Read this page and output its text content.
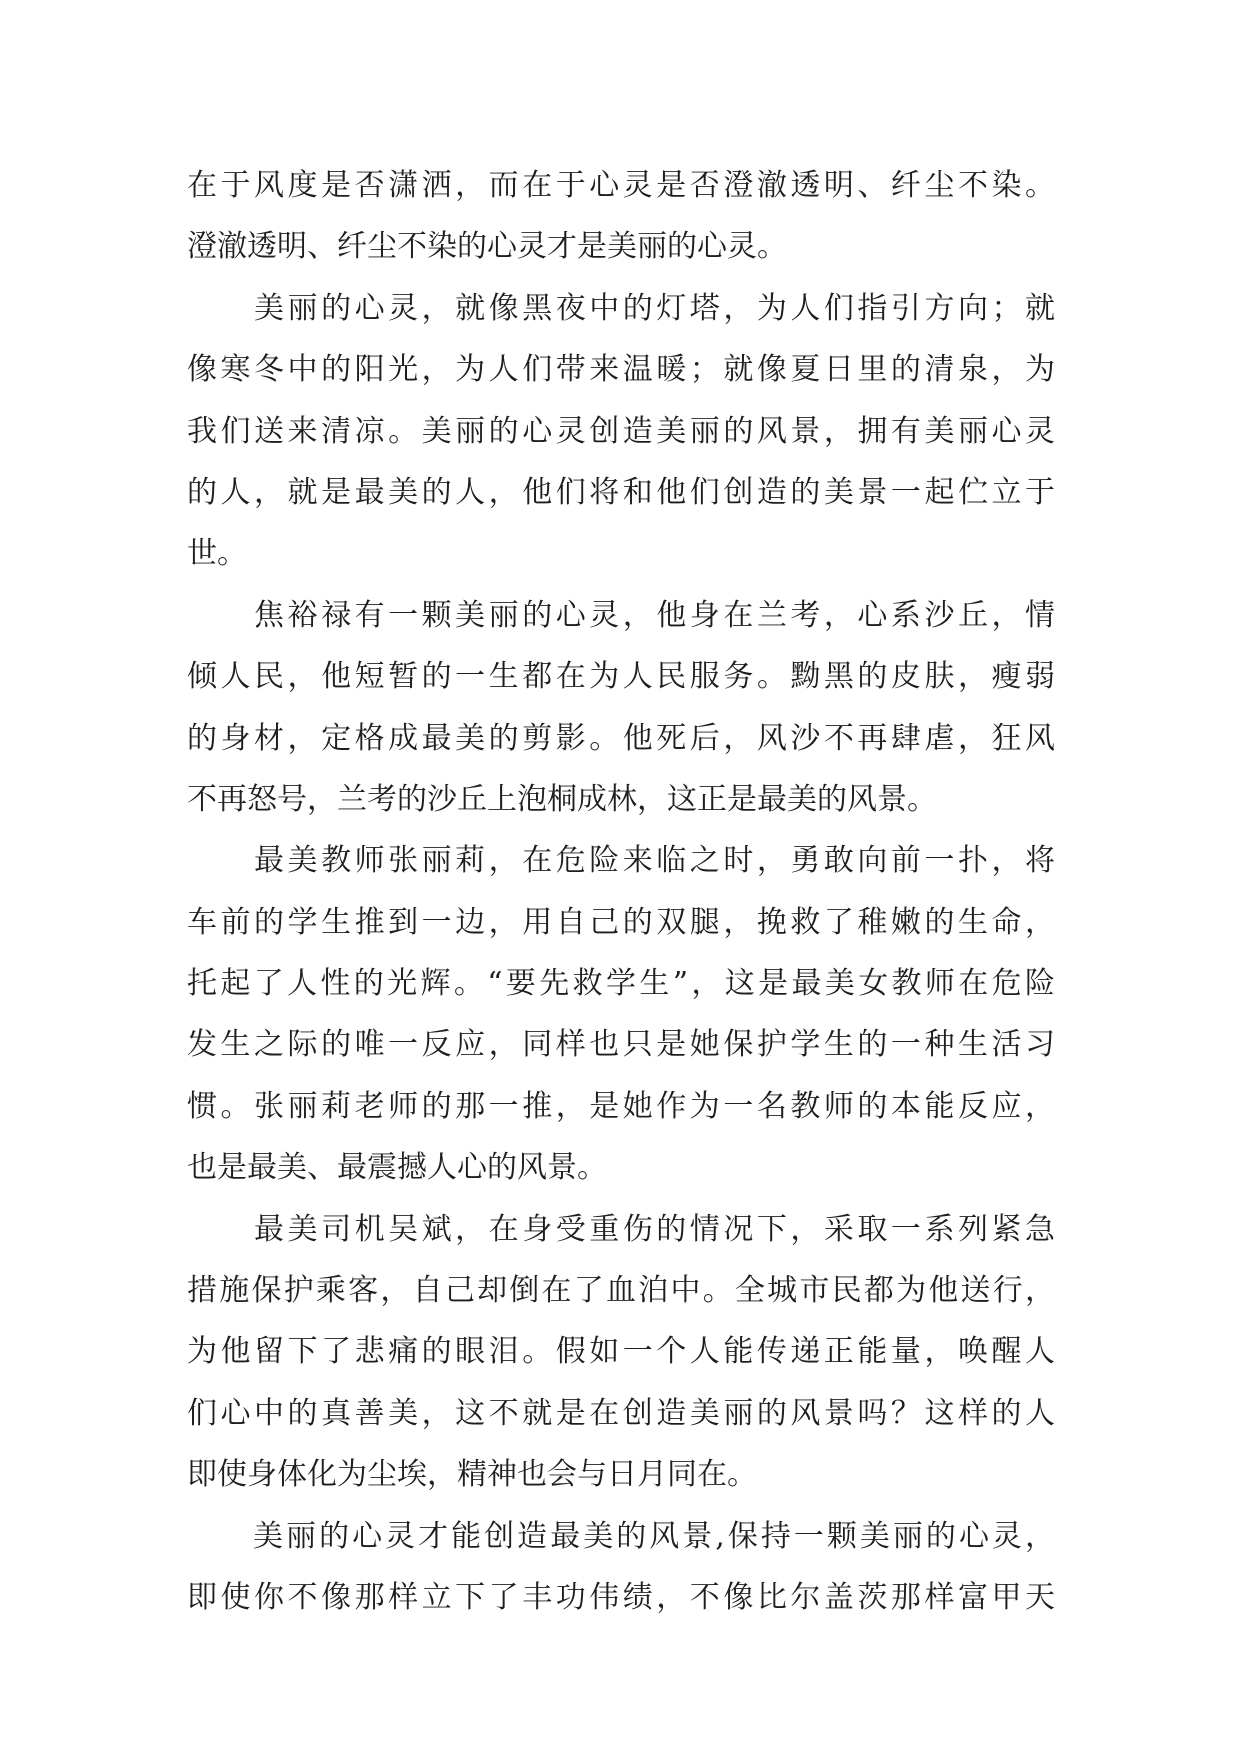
在于风度是否潇洒，而在于心灵是否澄澈透明、纤尘不染。
澄澈透明、纤尘不染的心灵才是美丽的心灵。
　　美丽的心灵，就像黑夜中的灯塔，为人们指引方向；就
像寒冬中的阳光，为人们带来温暖；就像夏日里的清泉，为
我们送来清凉。美丽的心灵创造美丽的风景，拥有美丽心灵
的人，就是最美的人，他们将和他们创造的美景一起伫立于
世。
　　焦裕禄有一颗美丽的心灵，他身在兰考，心系沙丘，情
倾人民，他短暂的一生都在为人民服务。黝黑的皮肤，瘦弱
的身材，定格成最美的剪影。他死后，风沙不再肆虐，狂风
不再怒号，兰考的沙丘上泡桐成林，这正是最美的风景。
　　最美教师张丽莉，在危险来临之时，勇敢向前一扑，将
车前的学生推到一边，用自己的双腿，挽救了稚嫩的生命，
托起了人性的光辉。“要先救学生”，这是最美女教师在危险
发生之际的唯一反应，同样也只是她保护学生的一种生活习
惯。张丽莉老师的那一推，是她作为一名教师的本能反应，
也是最美、最震撼人心的风景。
　　最美司机吴斌，在身受重伤的情况下，采取一系列紧急
措施保护乘客，自己却倒在了血泊中。全城市民都为他送行，
为他留下了悲痛的眼泪。假如一个人能传递正能量，唤醒人
们心中的真善美，这不就是在创造美丽的风景吗？这样的人
即使身体化为尘埃，精神也会与日月同在。
　　美丽的心灵才能创造最美的风景,保持一颗美丽的心灵，
即使你不像那样立下了丰功伟绩，不像比尔盖茨那样富甲天
